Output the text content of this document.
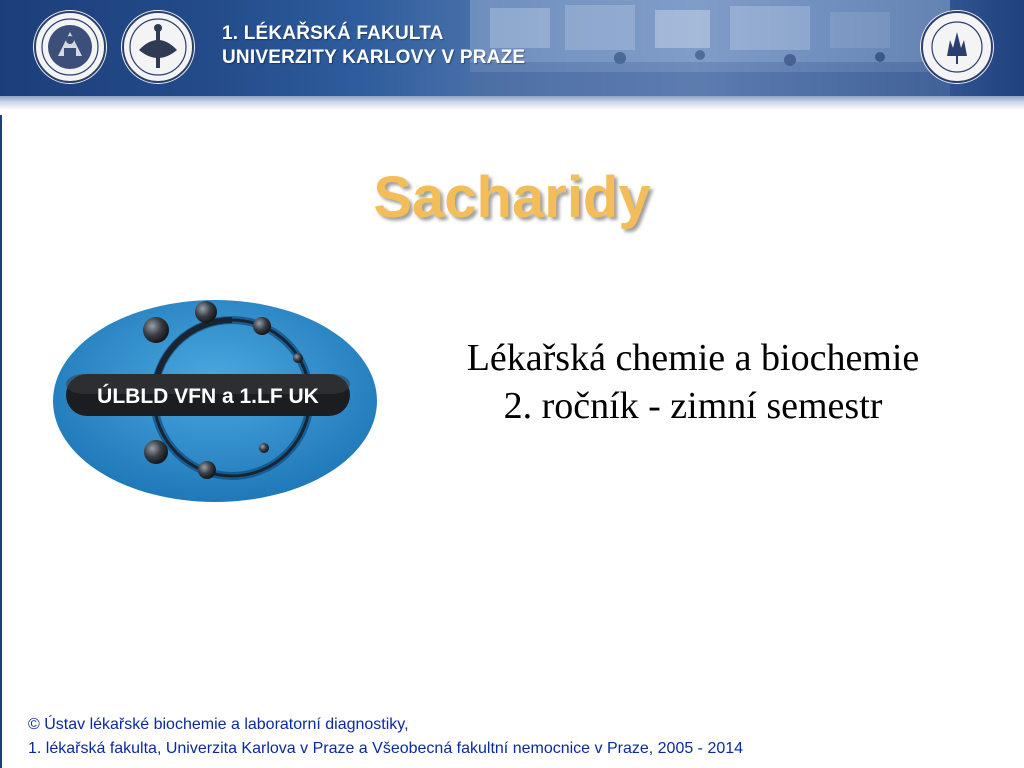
1. LÉKAŘSKÁ FAKULTA
UNIVERZITY KARLOVY V PRAZE
Sacharidy
ÚLBLD VFN a 1.LF UK
Lékařská chemie a biochemie
2. ročník - zimní semestr
© Ústav lékařské biochemie a laboratorní diagnostiky,
1. lékařská fakulta, Univerzita Karlova v Praze a Všeobecná fakultní nemocnice v Praze, 2005 - 2014
